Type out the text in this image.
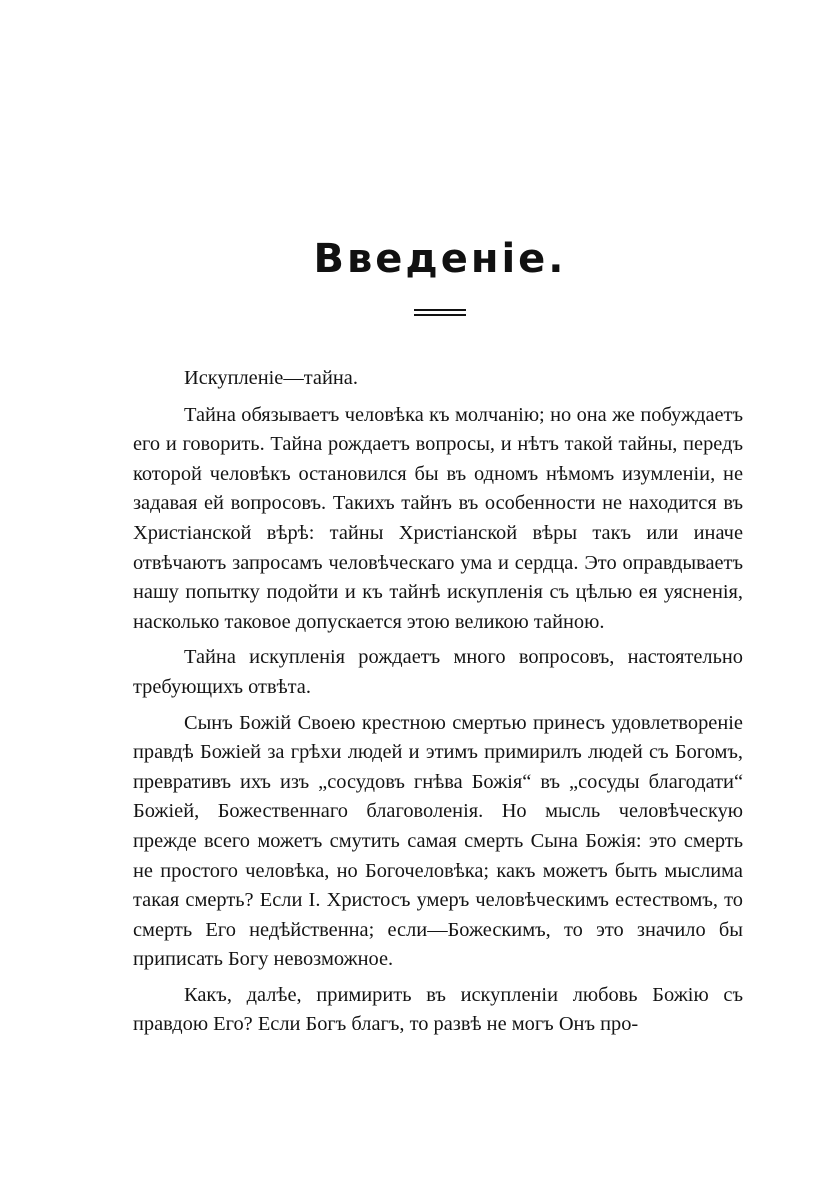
Введеніе.

Искупленіе—тайна.

Тайна обязываетъ человѣка къ молчанію; но она же побуждаетъ его и говорить. Тайна рождаетъ вопросы, и нѣтъ такой тайны, передъ которой человѣкъ остановился бы въ одномъ нѣмомъ изумленіи, не задавая ей вопросовъ. Такихъ тайнъ въ особенности не находится въ Христіанской вѣрѣ: тайны Христіанской вѣры такъ или иначе отвѣчаютъ запросамъ человѣческаго ума и сердца. Это оправдываетъ нашу попытку подойти и къ тайнѣ искупленія съ цѣлью ея уясненія, насколько таковое допускается этою великою тайною.

Тайна искупленія рождаетъ много вопросовъ, настоятельно требующихъ отвѣта.

Сынъ Божій Своею крестною смертью принесъ удовлетвореніе правдѣ Божіей за грѣхи людей и этимъ примирилъ людей съ Богомъ, превративъ ихъ изъ „сосудовъ гнѣва Божія“ въ „сосуды благодати“ Божіей, Божественнаго благоволенія. Но мысль человѣческую прежде всего можетъ смутить самая смерть Сына Божія: это смерть не простого человѣка, но Богочеловѣка; какъ можетъ быть мыслима такая смерть? Если І. Христосъ умеръ человѣческимъ естествомъ, то смерть Его недѣйственна; если—Божескимъ, то это значило бы приписать Богу невозможное.

Какъ, далѣе, примирить въ искупленіи любовь Божію съ правдою Его? Если Богъ благъ, то развѣ не могъ Онъ про-
